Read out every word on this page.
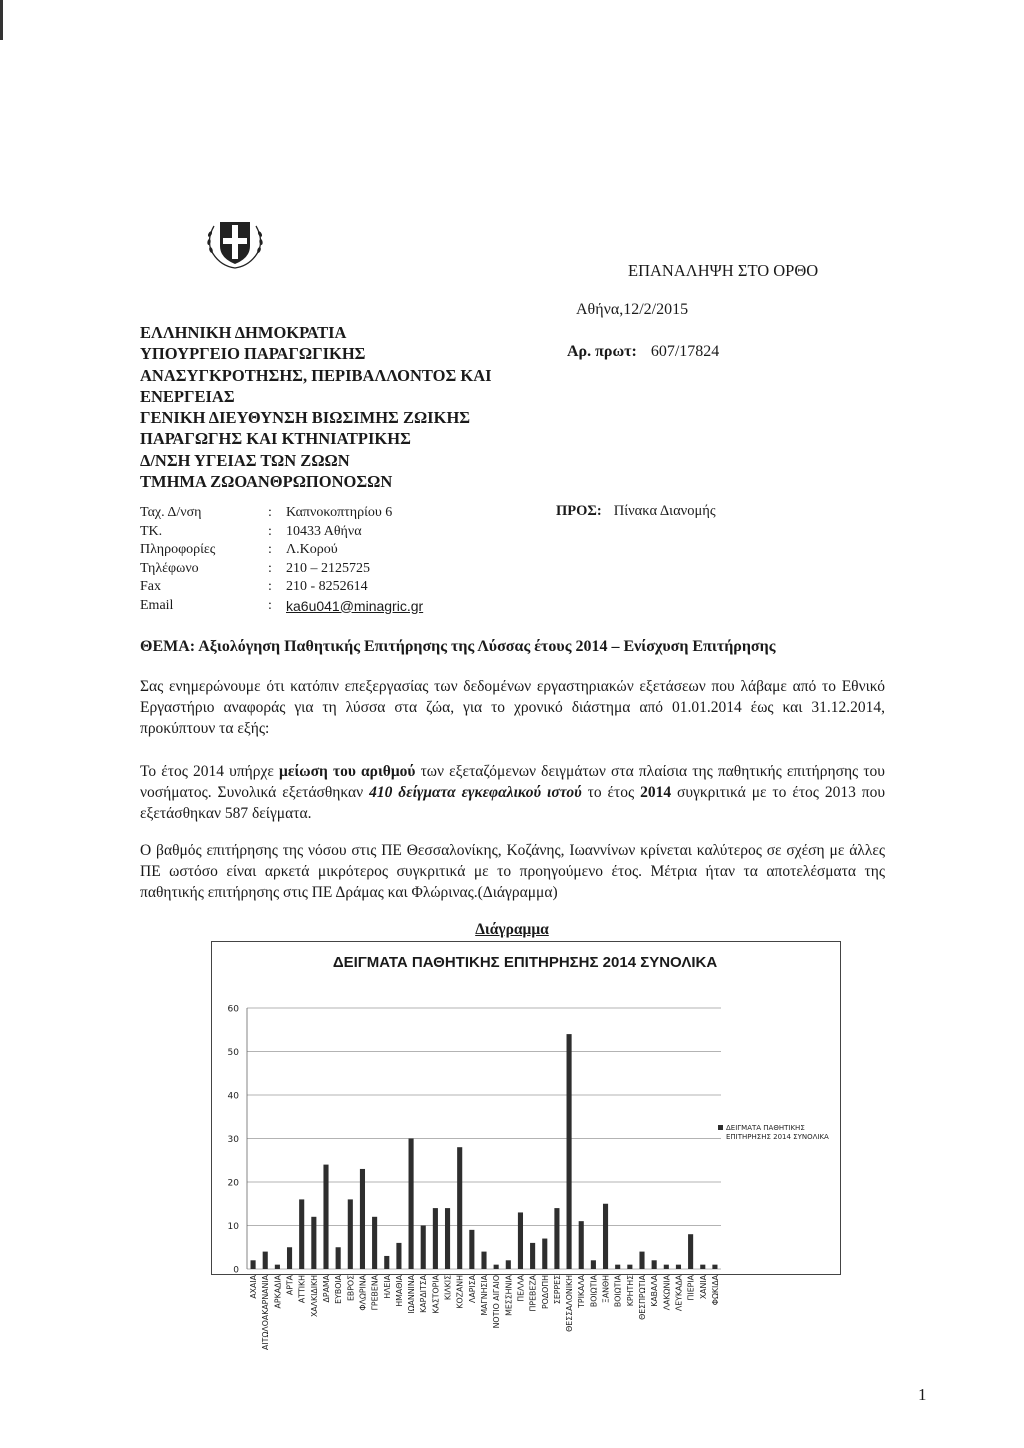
ΕΛΛΗΝΙΚΗ ΔΗΜΟΚΡΑΤΙΑ
ΥΠΟΥΡΓΕΙΟ ΠΑΡΑΓΩΓΙΚΗΣ
ΑΝΑΣΥΓΚΡΟΤΗΣΗΣ, ΠΕΡΙΒΑΛΛΟΝΤΟΣ ΚΑΙ
ΕΝΕΡΓΕΙΑΣ
ΓΕΝΙΚΗ ΔΙΕΥΘΥΝΣΗ ΒΙΩΣΙΜΗΣ ΖΩΙΚΗΣ
ΠΑΡΑΓΩΓΗΣ ΚΑΙ ΚΤΗΝΙΑΤΡΙΚΗΣ
Δ/ΝΣΗ ΥΓΕΙΑΣ ΤΩΝ ΖΩΩΝ
ΤΜΗΜΑ ΖΩΟΑΝΘΡΩΠΟΝΟΣΩΝ
ΕΠΑΝΑΛΗΨΗ ΣΤΟ ΟΡΘΟ
Αθήνα,12/2/2015
Αρ. πρωτ: 607/17824
Ταχ. Δ/νση	:	Καπνοκοπτηρίου 6
ΤΚ.	:	10433 Αθήνα
Πληροφορίες	:	Λ.Κορού
Τηλέφωνο	:	210 – 2125725
Fax	:	210 - 8252614
Email	:	ka6u041@minagric.gr
ΠΡΟΣ: Πίνακα Διανομής
ΘΕΜΑ: Αξιολόγηση Παθητικής Επιτήρησης της Λύσσας έτους 2014 – Ενίσχυση Επιτήρησης
Σας ενημερώνουμε ότι κατόπιν επεξεργασίας των δεδομένων εργαστηριακών εξετάσεων που λάβαμε από το Εθνικό Εργαστήριο αναφοράς για τη λύσσα στα ζώα, για το χρονικό διάστημα από 01.01.2014 έως και 31.12.2014, προκύπτουν τα εξής:
Το έτος 2014 υπήρχε μείωση του αριθμού των εξεταζόμενων δειγμάτων στα πλαίσια της παθητικής επιτήρησης του νοσήματος. Συνολικά εξετάσθηκαν 410 δείγματα εγκεφαλικού ιστού το έτος 2014 συγκριτικά με το έτος 2013 που εξετάσθηκαν 587 δείγματα.
Ο βαθμός επιτήρησης της νόσου στις ΠΕ Θεσσαλονίκης, Κοζάνης, Ιωαννίνων κρίνεται καλύτερος σε σχέση με άλλες ΠΕ ωστόσο είναι αρκετά μικρότερος συγκριτικά με το προηγούμενο έτος. Μέτρια ήταν τα αποτελέσματα της παθητικής επιτήρησης στις ΠΕ Δράμας και Φλώρινας.(Διάγραμμα)
Διάγραμμα
ΔΕΙΓΜΑΤΑ ΠΑΘΗΤΙΚΗΣ ΕΠΙΤΗΡΗΣΗΣ 2014 ΣΥΝΟΛΙΚΑ
0
10
20
30
40
50
60
ΑΧΑΙΑ ΑΙΤΩΛΟΑΚΑΡΝΑΝΙΑ ΑΡΚΑΔΙΑ ΑΡΤΑ ΑΤΤΙΚΗ ΧΑΛΚΙΔΙΚΗ ΔΡΑΜΑ ΕΥΒΟΙΑ ΕΒΡΟΣ ΦΛΩΡΙΝΑ ΓΡΕΒΕΝΑ ΗΛΕΙΑ ΗΜΑΘΙΑ ΙΩΑΝΝΙΝΑ ΚΑΡΔΙΤΣΑ ΚΑΣΤΟΡΙΑ ΚΙΛΚΙΣ ΚΟΖΑΝΗ ΛΑΡΙΣΑ ΜΑΓΝΗΣΙΑ ΝΟΤΙΟ ΑΙΓΑΙΟ ΜΕΣΣΗΝΙΑ ΠΕΛΛΑ ΠΡΕΒΕΖΑ ΡΟΔΟΠΗ ΣΕΡΡΕΣ ΘΕΣΣΑΛΟΝΙΚΗ ΤΡΙΚΑΛΑ ΒΟΙΩΤΙΑ ΞΑΝΘΗ ΒΟΙΩΤΙΑ ΚΡΗΤΗΣ ΘΕΣΠΡΩΤΙΑ ΚΑΒΑΛΑ ΛΑΚΩΝΙΑ ΛΕΥΚΑΔΑ ΠΙΕΡΙΑ ΧΑΝΙΑ ΦΩΚΙΔΑ
ΔΕΙΓΜΑΤΑ ΠΑΘΗΤΙΚΗΣ
ΕΠΙΤΗΡΗΣΗΣ 2014 ΣΥΝΟΛΙΚΑ
1
